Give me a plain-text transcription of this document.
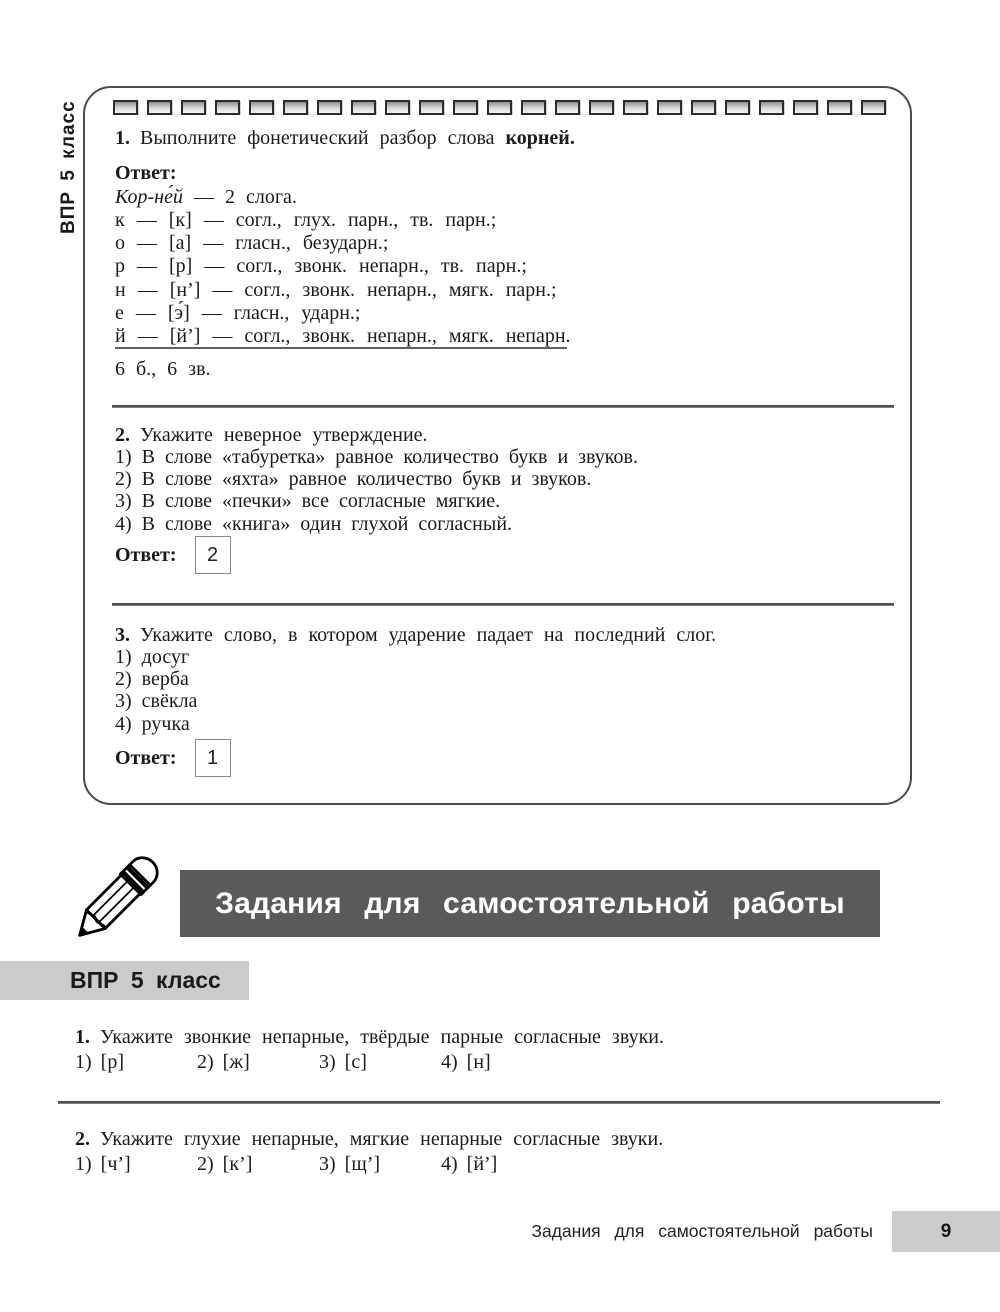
ВПР 5 класс 1. Выполните фонетический разбор слова корней.
Ответ:
Кор-не́й — 2 слога.
к — [к] — согл., глух. парн., тв. парн.;
о — [а] — гласн., безударн.;
р — [р] — согл., звонк. непарн., тв. парн.;
н — [н’] — согл., звонк. непарн., мягк. парн.;
е — [э́] — гласн., ударн.;
й — [й’] — согл., звонк. непарн., мягк. непарн.
6 б., 6 зв.
2. Укажите неверное утверждение.
1) В слове «табуретка» равное количество букв и звуков.
2) В слове «яхта» равное количество букв и звуков.
3) В слове «печки» все согласные мягкие.
4) В слове «книга» один глухой согласный.
Ответ:	2
3. Укажите слово, в котором ударение падает на последний слог.
1) досуг
2) верба
3) свёкла
4) ручка
Ответ:	1
Задания для самостоятельной работы
ВПР 5 класс
1. Укажите звонкие непарные, твёрдые парные согласные звуки.
1) [р]	2) [ж]	3) [с]	4) [н]
2. Укажите глухие непарные, мягкие непарные согласные звуки.
1) [ч’]	2) [к’]	3) [щ’]	4) [й’]
Задания для самостоятельной работы	9
